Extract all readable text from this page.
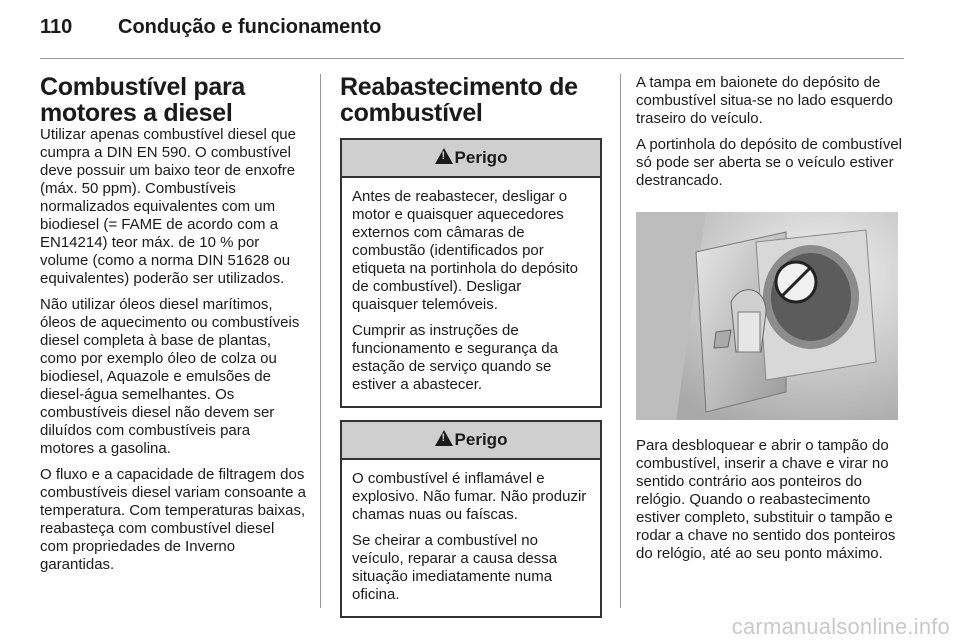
110 Condução e funcionamento
Combustível para motores a diesel

Utilizar apenas combustível diesel que cumpra a DIN EN 590. O combustível deve possuir um baixo teor de enxofre (máx. 50 ppm). Combustíveis normalizados equivalentes com um biodiesel (= FAME de acordo com a EN14214) teor máx. de 10 % por volume (como a norma DIN 51628 ou equivalentes) poderão ser utilizados.

Não utilizar óleos diesel marítimos, óleos de aquecimento ou combustíveis diesel completa à base de plantas, como por exemplo óleo de colza ou biodiesel, Aquazole e emulsões de diesel-água semelhantes. Os combustíveis diesel não devem ser diluídos com combustíveis para motores a gasolina.

O fluxo e a capacidade de filtragem dos combustíveis diesel variam consoante a temperatura. Com temperaturas baixas, reabasteça com combustível diesel com propriedades de Inverno garantidas.

Reabastecimento de combustível
!Perigo

Antes de reabastecer, desligar o motor e quaisquer aquecedores externos com câmaras de combustão (identificados por etiqueta na portinhola do depósito de combustível). Desligar quaisquer telemóveis.

Cumprir as instruções de funcionamento e segurança da estação de serviço quando se estiver a abastecer.

!Perigo

O combustível é inflamável e explosivo. Não fumar. Não produzir chamas nuas ou faíscas.

Se cheirar a combustível no veículo, reparar a causa dessa situação imediatamente numa oficina.

A tampa em baionete do depósito de combustível situa-se no lado esquerdo traseiro do veículo.

A portinhola do depósito de combustível só pode ser aberta se o veículo estiver destrancado.

Para desbloquear e abrir o tampão do combustível, inserir a chave e virar no sentido contrário aos ponteiros do relógio. Quando o reabastecimento estiver completo, substituir o tampão e rodar a chave no sentido dos ponteiros do relógio, até ao seu ponto máximo.

carmanualsonline.info
